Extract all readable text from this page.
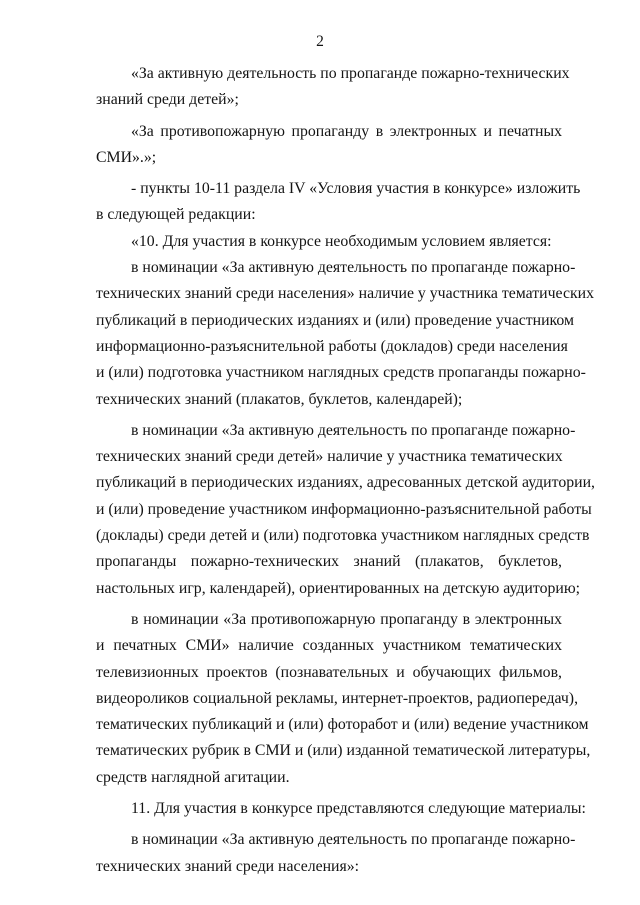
2
«За активную деятельность по пропаганде пожарно-технических
знаний среди детей»;
«За противопожарную пропаганду в электронных и печатных
СМИ».»;
- пункты 10-11 раздела IV «Условия участия в конкурсе» изложить
в следующей редакции:
«10. Для участия в конкурсе необходимым условием является:
в номинации «За активную деятельность по пропаганде пожарно-
технических знаний среди населения» наличие у участника тематических
публикаций в периодических изданиях и (или) проведение участником
информационно-разъяснительной работы (докладов) среди населения
и (или) подготовка участником наглядных средств пропаганды пожарно-
технических знаний (плакатов, буклетов, календарей);
в номинации «За активную деятельность по пропаганде пожарно-
технических знаний среди детей» наличие у участника тематических
публикаций в периодических изданиях, адресованных детской аудитории,
и (или) проведение участником информационно-разъяснительной работы
(доклады) среди детей и (или) подготовка участником наглядных средств
пропаганды пожарно-технических знаний (плакатов, буклетов,
настольных игр, календарей), ориентированных на детскую аудиторию;
в номинации «За противопожарную пропаганду в электронных
и печатных СМИ» наличие созданных участником тематических
телевизионных проектов (познавательных и обучающих фильмов,
видеороликов социальной рекламы, интернет-проектов, радиопередач),
тематических публикаций и (или) фоторабот и (или) ведение участником
тематических рубрик в СМИ и (или) изданной тематической литературы,
средств наглядной агитации.
11. Для участия в конкурсе представляются следующие материалы:
в номинации «За активную деятельность по пропаганде пожарно-
технических знаний среди населения»:
